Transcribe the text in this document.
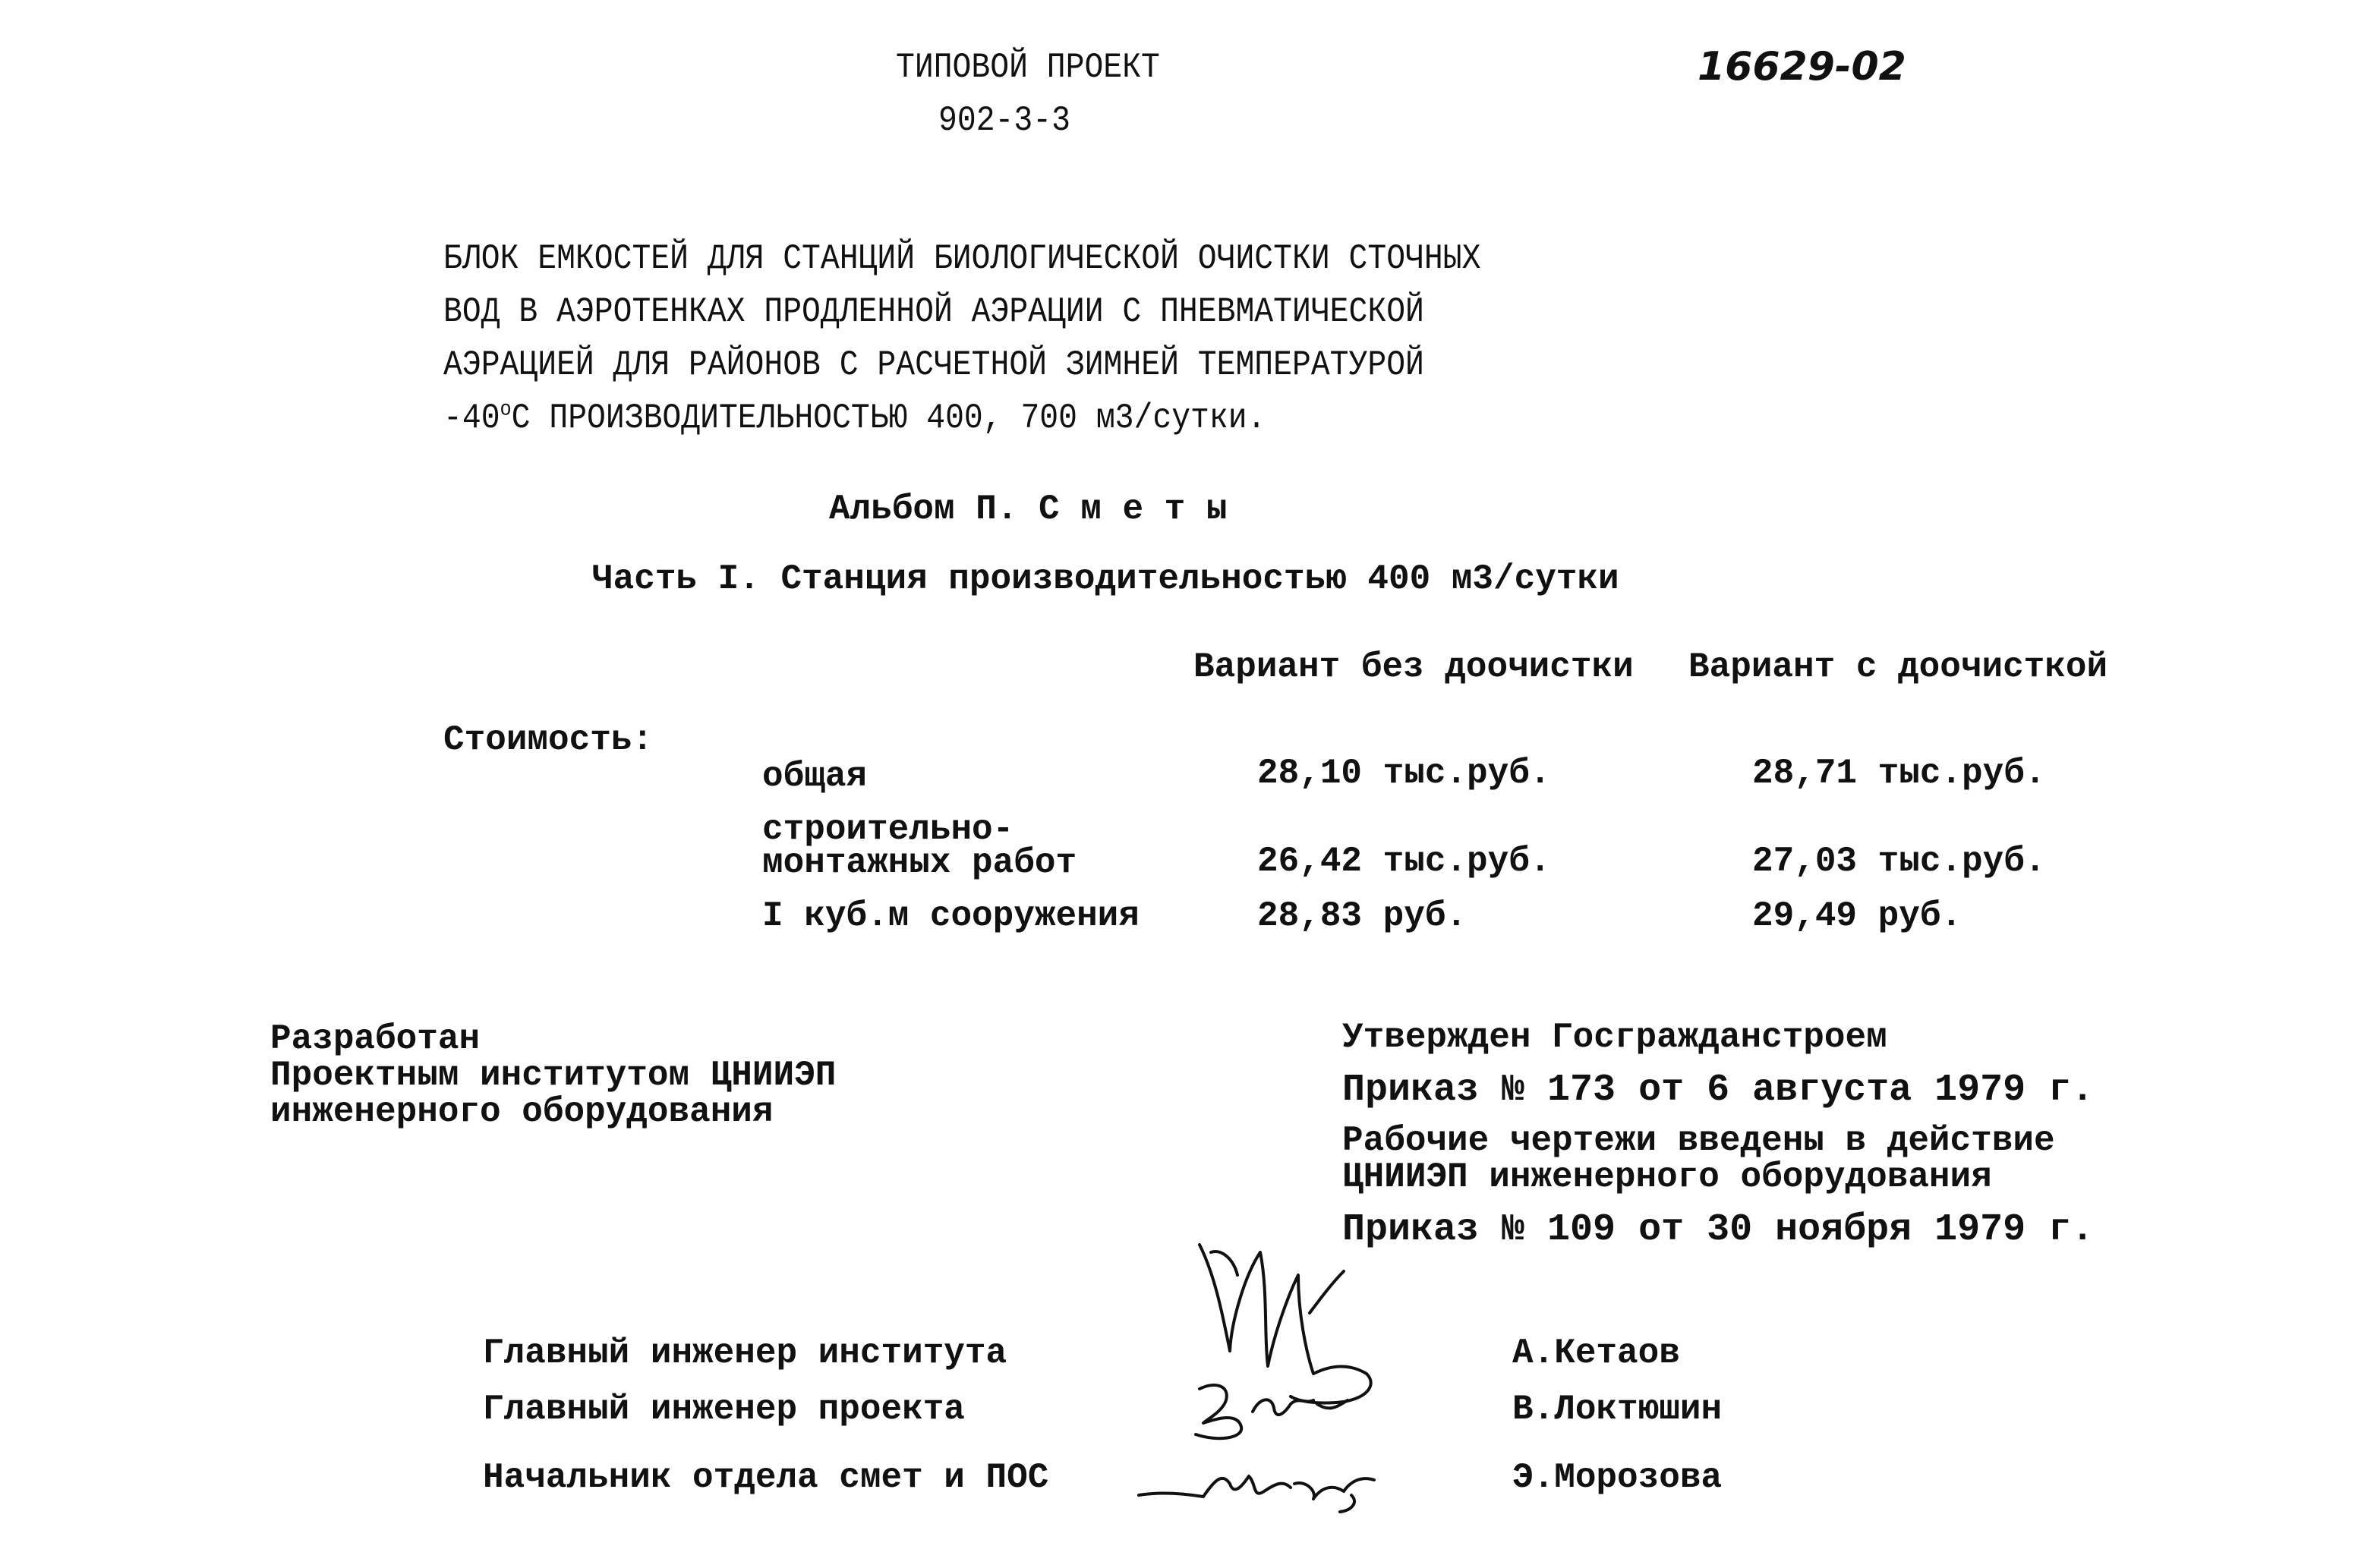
ТИПОВОЙ ПРОЕКТ
902-3-3
16629-02
БЛОК ЕМКОСТЕЙ ДЛЯ СТАНЦИЙ БИОЛОГИЧЕСКОЙ ОЧИСТКИ СТОЧНЫХ
ВОД В АЭРОТЕНКАХ ПРОДЛЕННОЙ АЭРАЦИИ С ПНЕВМАТИЧЕСКОЙ
АЭРАЦИЕЙ ДЛЯ РАЙОНОВ С РАСЧЕТНОЙ ЗИМНЕЙ ТЕМПЕРАТУРОЙ
$-40^оС$ ПРОИЗВОДИТЕЛЬНОСТЬЮ 400, 700 м3/сутки.
Альбом П. С м е т ы
Часть I. Станция производительностью 400 м3/сутки
Вариант без доочистки Вариант с доочисткой
Стоимость:
общая	28,10 тыс.руб.	28,71 тыс.руб.
строительно-
монтажных работ	26,42 тыс.руб.	27,03 тыс.руб.
I куб.м сооружения	28,83 руб.	29,49 руб.
Разработан
Проектным институтом ЦНИИЭП
инженерного оборудования
Утвержден Госгражданстроем
Приказ № 173 от 6 августа 1979 г.
Рабочие чертежи введены в действие
ЦНИИЭП инженерного оборудования
Приказ № 109 от 30 ноября 1979 г.
Главный инженер института	А.Кетаов
Главный инженер проекта	В.Локтюшин
Начальник отдела смет и ПОС	Э.Морозова
